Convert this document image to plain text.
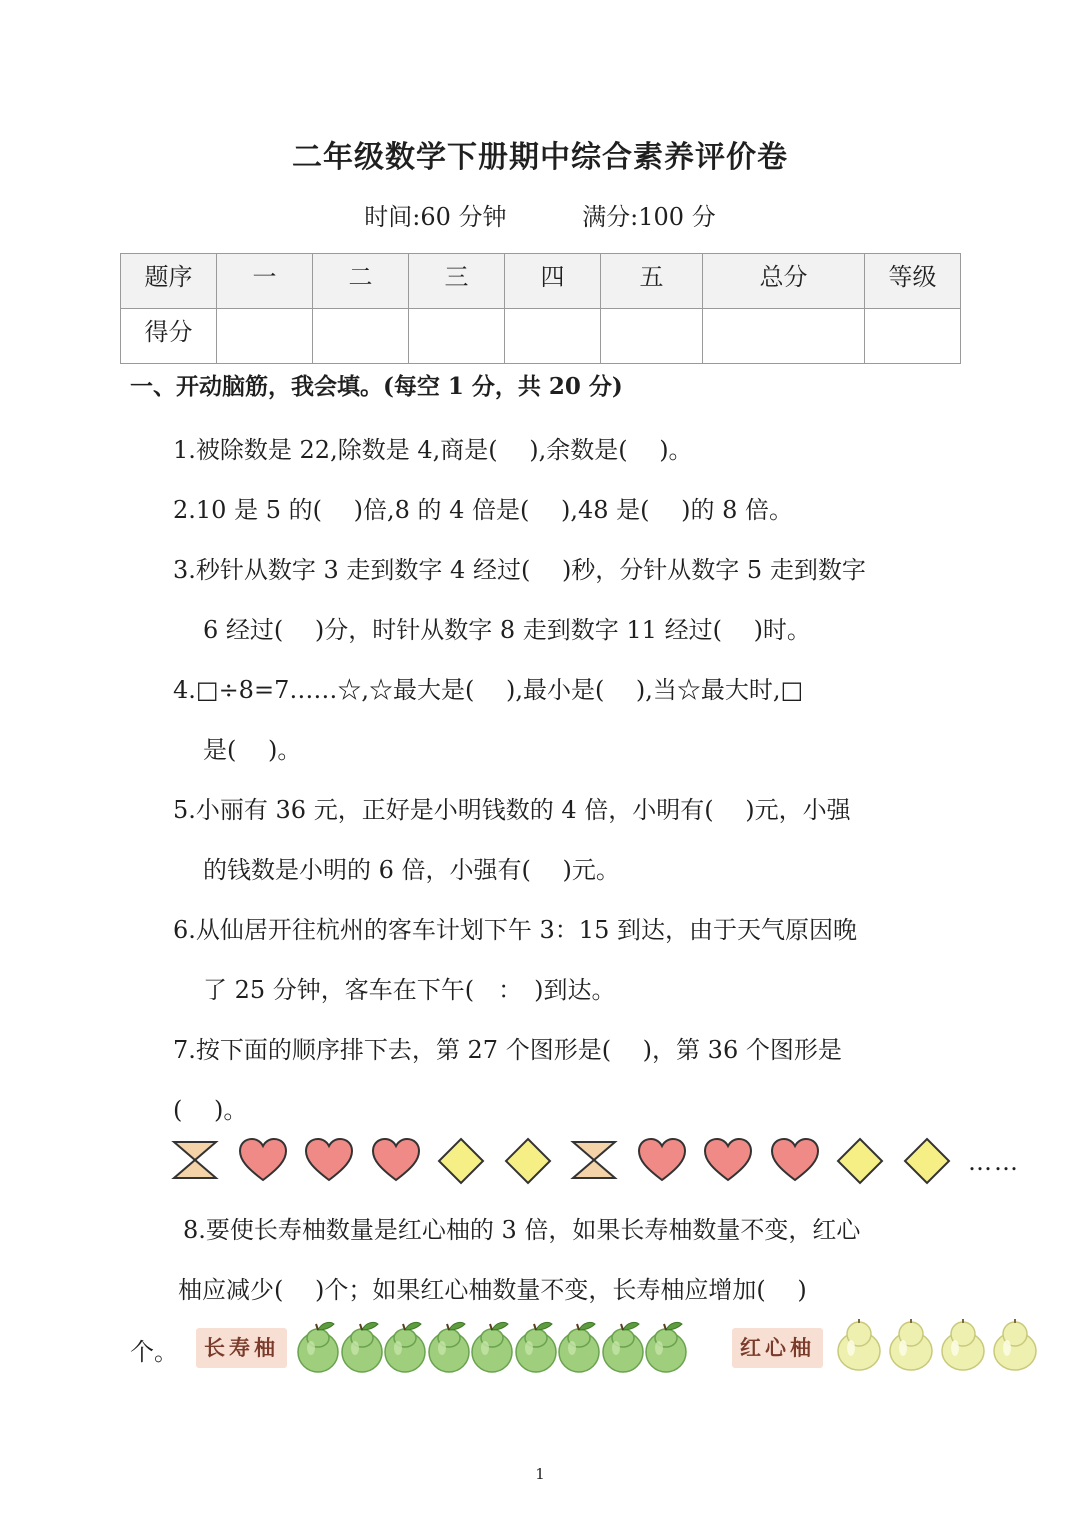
二年级数学下册期中综合素养评价卷
时间:60 分钟	满分:100 分
题序	一	二	三	四	五	总分	等级
得分							
一、开动脑筋，我会填。(每空 1 分，共 20 分)
1.被除数是 22,除数是 4,商是(　 ),余数是(　 )。
2.10 是 5 的(　 )倍,8 的 4 倍是(　 ),48 是(　 )的 8 倍。
3.秒针从数字 3 走到数字 4 经过(　 )秒，分针从数字 5 走到数字
6 经过(　 )分，时针从数字 8 走到数字 11 经过(　 )时。
4.□÷8=7……☆,☆最大是(　 ),最小是(　 ),当☆最大时,□
是(　 )。
5.小丽有 36 元，正好是小明钱数的 4 倍，小明有(　 )元，小强
的钱数是小明的 6 倍，小强有(　 )元。
6.从仙居开往杭州的客车计划下午 3：15 到达，由于天气原因晚
了 25 分钟，客车在下午(　：　)到达。
7.按下面的顺序排下去，第 27 个图形是(　 )，第 36 个图形是
(　 )。
……
8.要使长寿柚数量是红心柚的 3 倍，如果长寿柚数量不变，红心
柚应减少(　 )个；如果红心柚数量不变，长寿柚应增加(　 )
个。	长寿柚	红心柚
1
